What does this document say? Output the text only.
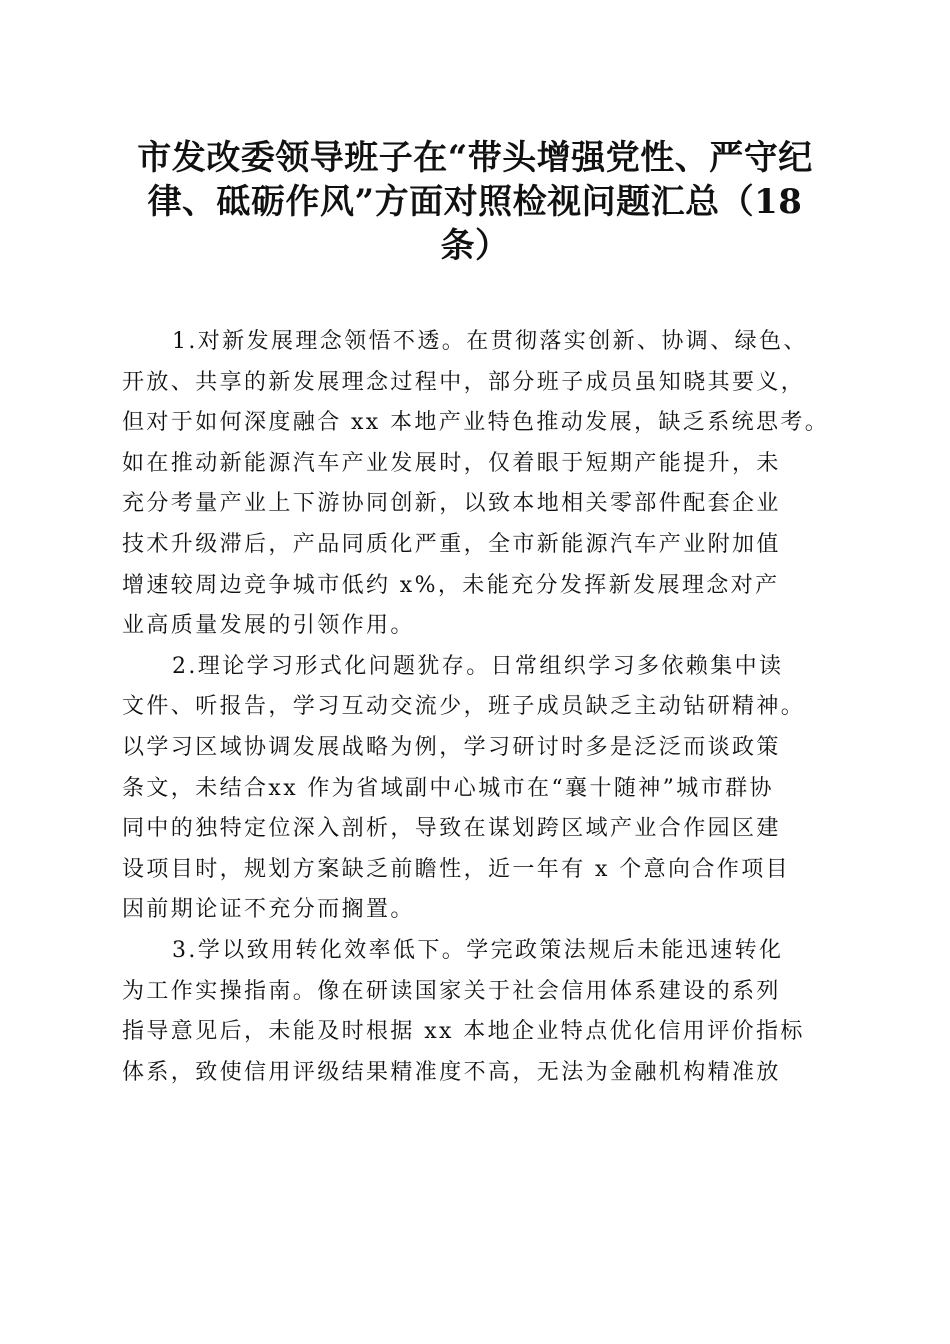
市发改委领导班子在“带头增强党性、严守纪
律、砥砺作风”方面对照检视问题汇总（18
条）

1.对新发展理念领悟不透。在贯彻落实创新、协调、绿色、
开放、共享的新发展理念过程中，部分班子成员虽知晓其要义，
但对于如何深度融合 xx 本地产业特色推动发展，缺乏系统思考。
如在推动新能源汽车产业发展时，仅着眼于短期产能提升，未
充分考量产业上下游协同创新，以致本地相关零部件配套企业
技术升级滞后，产品同质化严重，全市新能源汽车产业附加值
增速较周边竞争城市低约 x%，未能充分发挥新发展理念对产
业高质量发展的引领作用。

2.理论学习形式化问题犹存。日常组织学习多依赖集中读
文件、听报告，学习互动交流少，班子成员缺乏主动钻研精神。
以学习区域协调发展战略为例，学习研讨时多是泛泛而谈政策
条文，未结合xx 作为省域副中心城市在“襄十随神”城市群协
同中的独特定位深入剖析，导致在谋划跨区域产业合作园区建
设项目时，规划方案缺乏前瞻性，近一年有 x 个意向合作项目
因前期论证不充分而搁置。

3.学以致用转化效率低下。学完政策法规后未能迅速转化
为工作实操指南。像在研读国家关于社会信用体系建设的系列
指导意见后，未能及时根据 xx 本地企业特点优化信用评价指标
体系，致使信用评级结果精准度不高，无法为金融机构精准放
